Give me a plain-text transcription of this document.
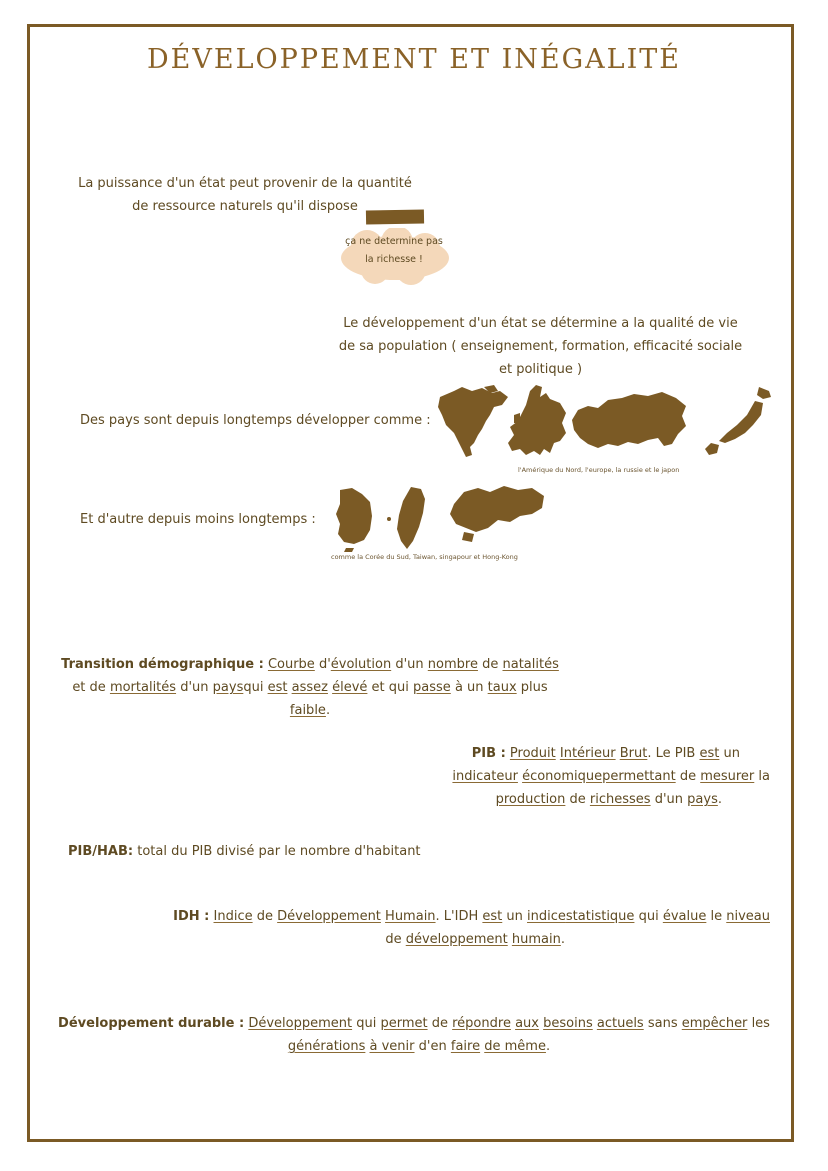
DÉVELOPPEMENT ET INÉGALITÉ
La puissance d'un état peut provenir de la quantité
de ressource naturels qu'il dispose
ça ne determine pas
la richesse !
Le développement d'un état se détermine a la qualité de vie
de sa population ( enseignement, formation, efficacité sociale
et politique )
Des pays sont depuis longtemps développer comme :
l'Amérique du Nord, l'europe, la russie et le japon
Et d'autre depuis moins longtemps :
comme la Corée du Sud, Taiwan, singapour et Hong-Kong
Transition démographique : Courbe d'évolution d'un nombre de natalités
et de mortalités d'un paysqui est assez élevé et qui passe à un taux plus
faible.
PIB : Produit Intérieur Brut. Le PIB est un
indicateur économiquepermettant de mesurer la
production de richesses d'un pays.
PIB/HAB: total du PIB divisé par le nombre d'habitant
IDH : Indice de Développement Humain. L'IDH est un indicestatistique qui évalue le niveau
de développement humain.
Développement durable : Développement qui permet de répondre aux besoins actuels sans empêcher les
générations à venir d'en faire de même.
